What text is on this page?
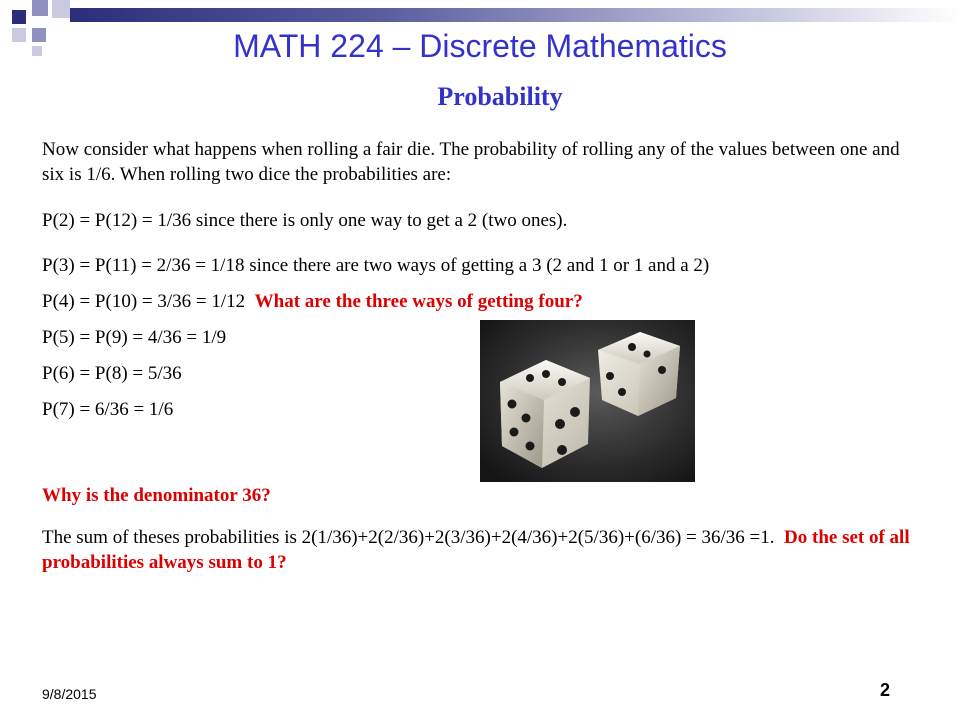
MATH 224 – Discrete Mathematics
Probability
Now consider what happens when rolling a fair die. The probability of rolling any of the values between one and six is 1/6. When rolling two dice the probabilities are:
P(2) = P(12) = 1/36 since there is only one way to get a 2 (two ones).
P(3) = P(11) = 2/36 = 1/18 since there are two ways of getting a 3 (2 and 1 or 1 and a 2)
P(4) = P(10) = 3/36 = 1/12 What are the three ways of getting four?
P(5) = P(9) = 4/36 = 1/9
P(6) = P(8) = 5/36
P(7) = 6/36 = 1/6
Why is the denominator 36?
The sum of theses probabilities is 2(1/36)+2(2/36)+2(3/36)+2(4/36)+2(5/36)+(6/36) = 36/36 =1. Do the set of all probabilities always sum to 1?
9/8/2015	2
